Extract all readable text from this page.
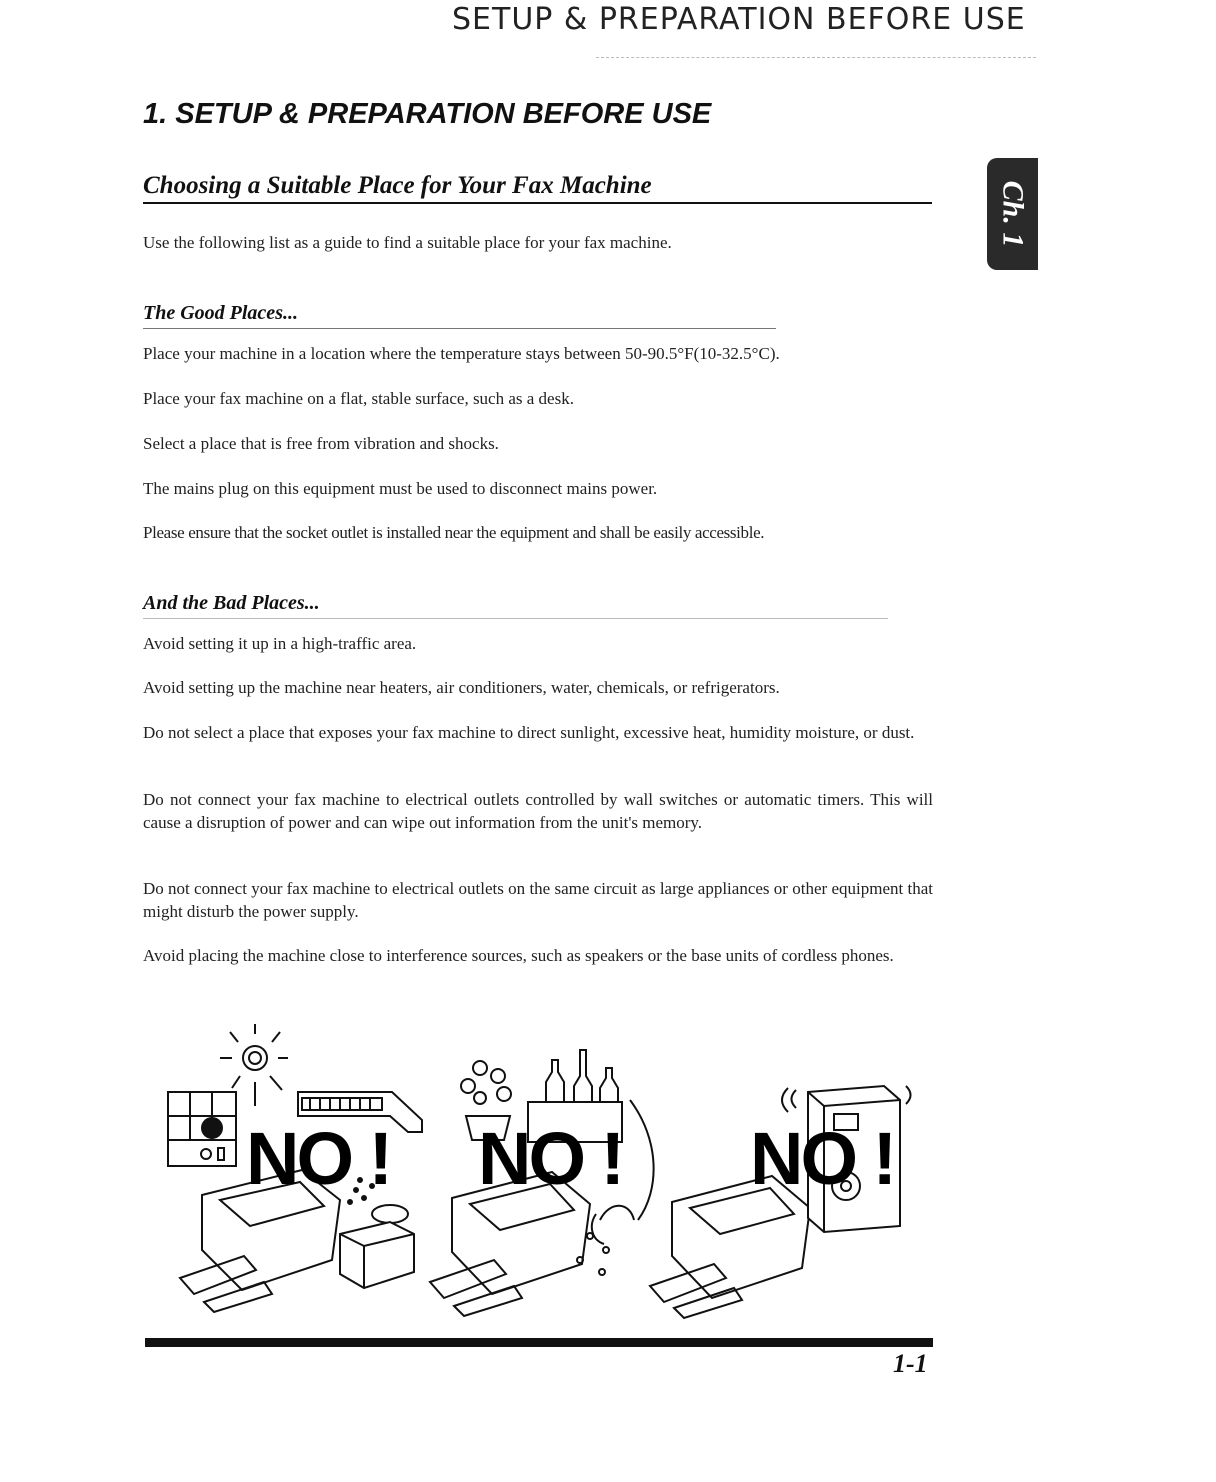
SETUP & PREPARATION BEFORE USE
1. SETUP & PREPARATION BEFORE USE
Ch. 1
Choosing a Suitable Place for Your Fax Machine

Use the following list as a guide to find a suitable place for your fax machine.

The Good Places...

Place your machine in a location where the temperature stays between 50-90.5°F(10-32.5°C).

Place your fax machine on a flat, stable surface, such as a desk.

Select a place that is free from vibration and shocks.

The mains plug on this equipment must be used to disconnect mains power.

Please ensure that the socket outlet is installed near the equipment and shall be easily accessible.

And the Bad Places...

Avoid setting it up in a high-traffic area.

Avoid setting up the machine near heaters, air conditioners, water, chemicals, or refrigerators.

Do not select a place that exposes your fax machine to direct sunlight, excessive heat, humidity moisture, or dust.

Do not connect your fax machine to electrical outlets controlled by wall switches or automatic timers. This will cause a disruption of power and can wipe out information from the unit's memory.

Do not connect your fax machine to electrical outlets on the same circuit as large appliances or other equipment that might disturb the power supply.

Avoid placing the machine close to interference sources, such as speakers or the base units of cordless phones.

NO ! NO ! NO !

1-1
